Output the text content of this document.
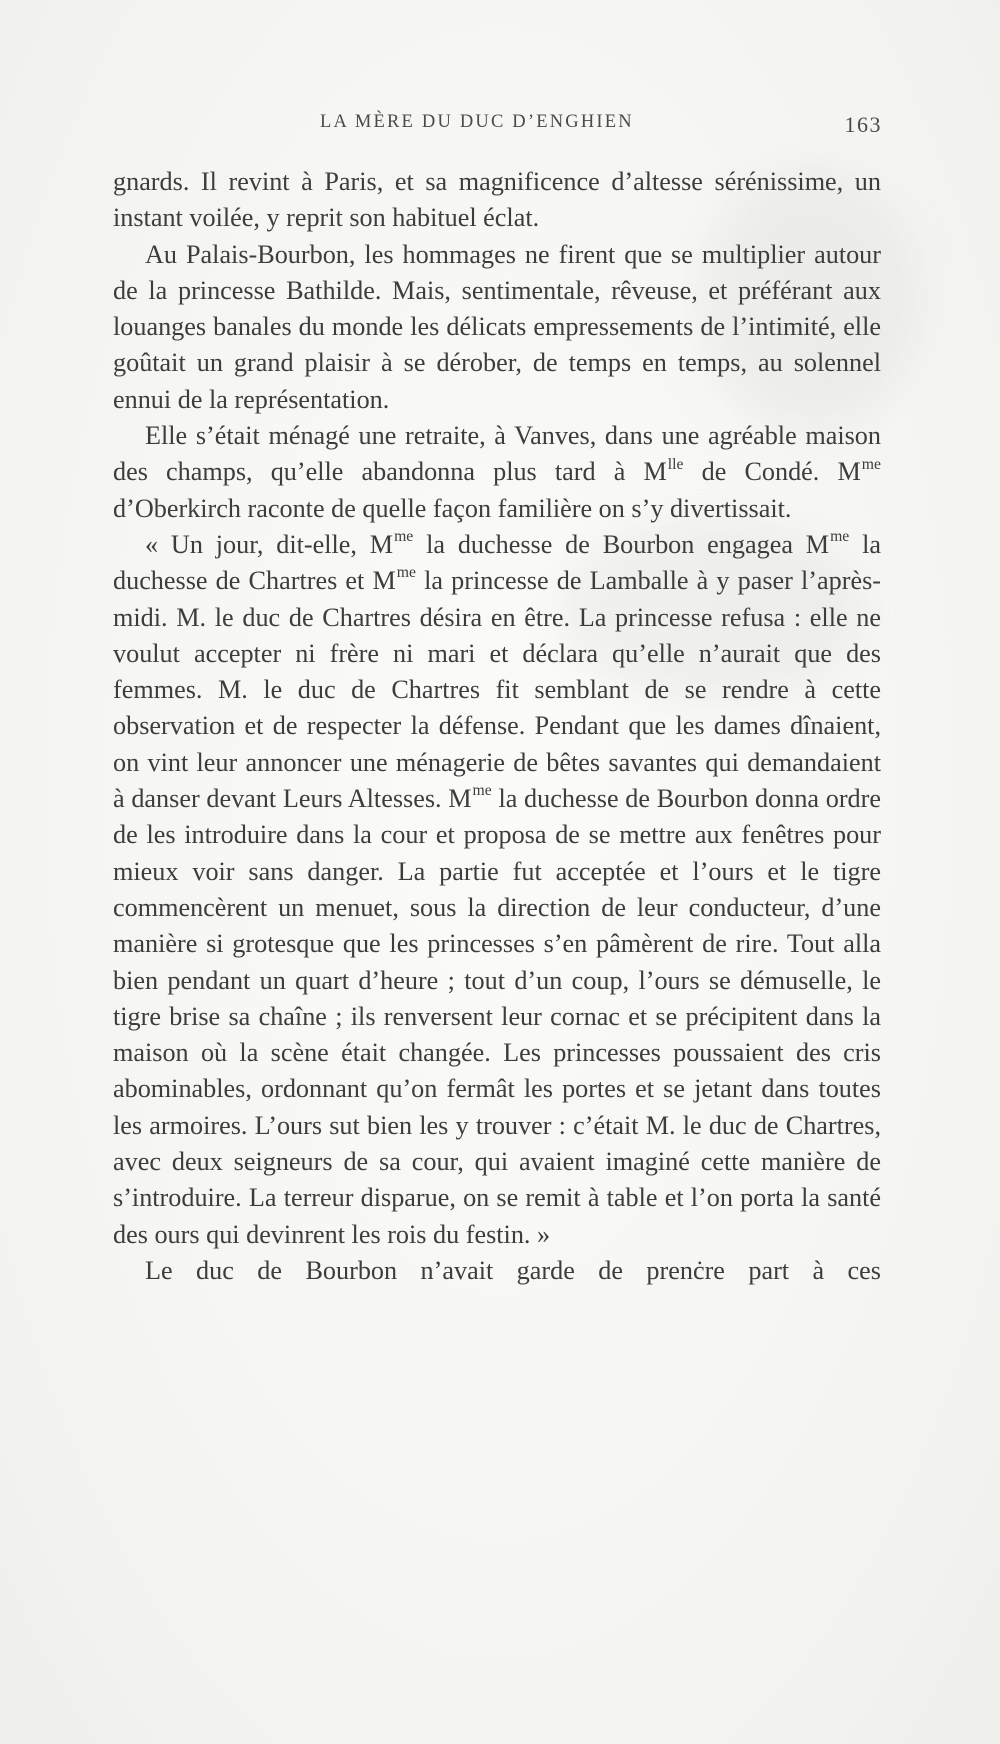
LA MÈRE DU DUC D’ENGHIEN	163

gnards. Il revint à Paris, et sa magnificence d’altesse sérénissime, un instant voilée, y reprit son habituel éclat.

Au Palais-Bourbon, les hommages ne firent que se multiplier autour de la princesse Bathilde. Mais, sentimentale, rêveuse, et préférant aux louanges banales du monde les délicats empressements de l’intimité, elle goûtait un grand plaisir à se dérober, de temps en temps, au solennel ennui de la représentation.

Elle s’était ménagé une retraite, à Vanves, dans une agréable maison des champs, qu’elle abandonna plus tard à $M^{lle}$ de Condé. $M^{me}$ d’Oberkirch raconte de quelle façon familière on s’y divertissait.

« Un jour, dit-elle, $M^{me}$ la duchesse de Bourbon engagea $M^{me}$ la duchesse de Chartres et $M^{me}$ la princesse de Lamballe à y paser l’après-midi. M. le duc de Chartres désira en être. La princesse refusa : elle ne voulut accepter ni frère ni mari et déclara qu’elle n’aurait que des femmes. M. le duc de Chartres fit semblant de se rendre à cette observation et de respecter la défense. Pendant que les dames dînaient, on vint leur annoncer une ménagerie de bêtes savantes qui demandaient à danser devant Leurs Altesses. $M^{me}$ la duchesse de Bourbon donna ordre de les introduire dans la cour et proposa de se mettre aux fenêtres pour mieux voir sans danger. La partie fut acceptée et l’ours et le tigre commencèrent un menuet, sous la direction de leur conducteur, d’une manière si grotesque que les princesses s’en pâmèrent de rire. Tout alla bien pendant un quart d’heure ; tout d’un coup, l’ours se démuselle, le tigre brise sa chaîne ; ils renversent leur cornac et se précipitent dans la maison où la scène était changée. Les princesses poussaient des cris abominables, ordonnant qu’on fermât les portes et se jetant dans toutes les armoires. L’ours sut bien les y trouver : c’était M. le duc de Chartres, avec deux seigneurs de sa cour, qui avaient imaginé cette manière de s’introduire. La terreur disparue, on se remit à table et l’on porta la santé des ours qui devinrent les rois du festin. »

Le duc de Bourbon n’avait garde de prenċre part à ces
